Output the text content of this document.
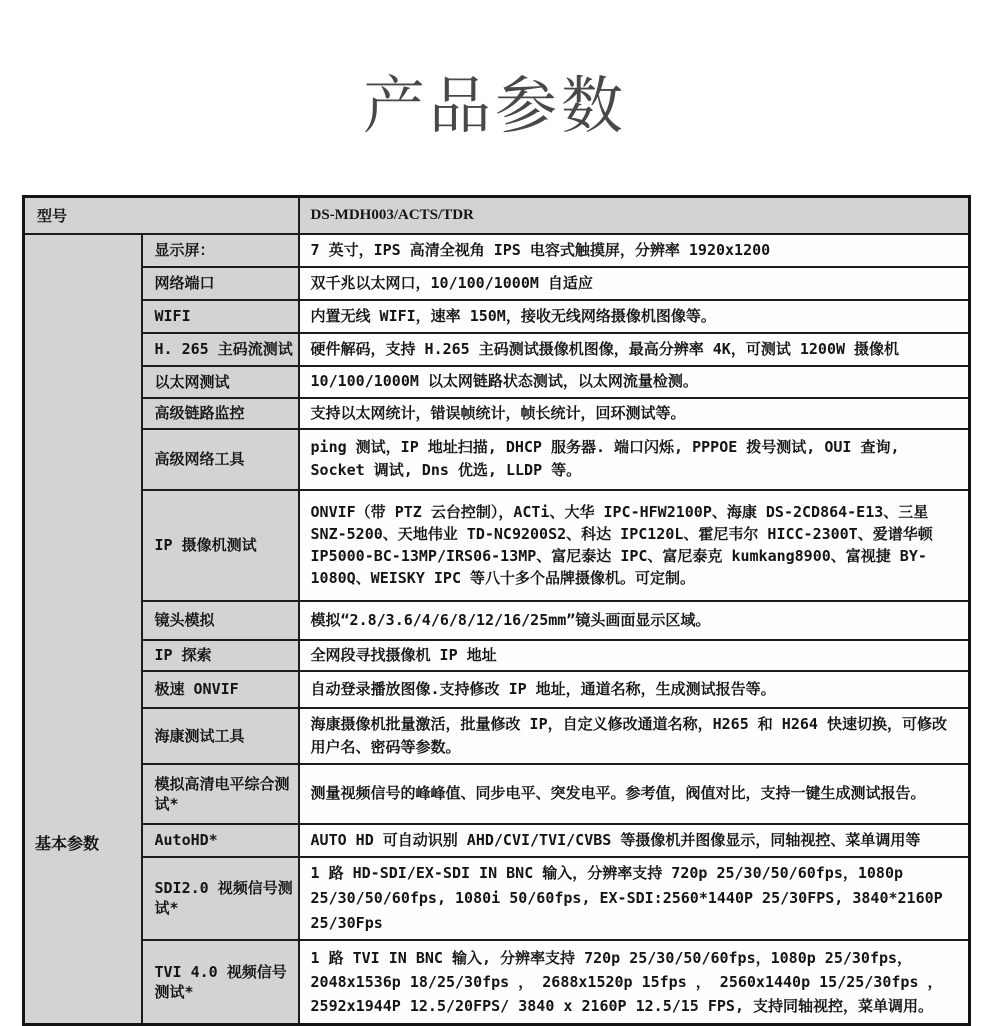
产品参数
型号		DS-MDH003/ACTS/TDR

基本参数	显示屏：	7 英寸，IPS 高清全视角 IPS 电容式触摸屏，分辨率 1920x1200
	网络端口	双千兆以太网口，10/100/1000M 自适应
	WIFI	内置无线 WIFI，速率 150M，接收无线网络摄像机图像等。
	H. 265 主码流测试	硬件解码，支持 H.265 主码测试摄像机图像，最高分辨率 4K，可测试 1200W 摄像机
	以太网测试	10/100/1000M 以太网链路状态测试，以太网流量检测。
	高级链路监控	支持以太网统计，错误帧统计，帧长统计，回环测试等。
	高级网络工具	ping 测试，IP 地址扫描, DHCP 服务器. 端口闪烁, PPPOE 拨号测试, OUI 查询, Socket 调试, Dns 优选, LLDP 等。
	IP 摄像机测试	ONVIF（带 PTZ 云台控制），ACTi、大华 IPC-HFW2100P、海康 DS-2CD864-E13、三星 SNZ-5200、天地伟业 TD-NC9200S2、科达 IPC120L、霍尼韦尔 HICC-2300T、爱谱华顿 IP5000-BC-13MP/IRS06-13MP、富尼泰达 IPC、富尼泰克 kumkang8900、富视捷 BY-1080Q、WEISKY IPC 等八十多个品牌摄像机。可定制。
	镜头模拟	模拟“2.8/3.6/4/6/8/12/16/25mm”镜头画面显示区域。
	IP 探索	全网段寻找摄像机 IP 地址
	极速 ONVIF	自动登录播放图像.支持修改 IP 地址，通道名称，生成测试报告等。
	海康测试工具	海康摄像机批量激活，批量修改 IP，自定义修改通道名称，H265 和 H264 快速切换，可修改用户名、密码等参数。
	模拟高清电平综合测试*	测量视频信号的峰峰值、同步电平、突发电平。参考值，阀值对比，支持一键生成测试报告。
	AutoHD*	AUTO HD 可自动识别 AHD/CVI/TVI/CVBS 等摄像机并图像显示，同轴视控、菜单调用等
	SDI2.0 视频信号测试*	1 路 HD-SDI/EX-SDI IN BNC 输入，分辨率支持 720p 25/30/50/60fps，1080p 25/30/50/60fps, 1080i 50/60fps, EX-SDI:2560*1440P 25/30FPS, 3840*2160P 25/30Fps
	TVI 4.0 视频信号测试*	1 路 TVI IN BNC 输入, 分辨率支持 720p 25/30/50/60fps，1080p 25/30fps， 2048x1536p 18/25/30fps ， 2688x1520p 15fps ， 2560x1440p 15/25/30fps ， 2592x1944P 12.5/20FPS/ 3840 x 2160P 12.5/15 FPS, 支持同轴视控，菜单调用。
